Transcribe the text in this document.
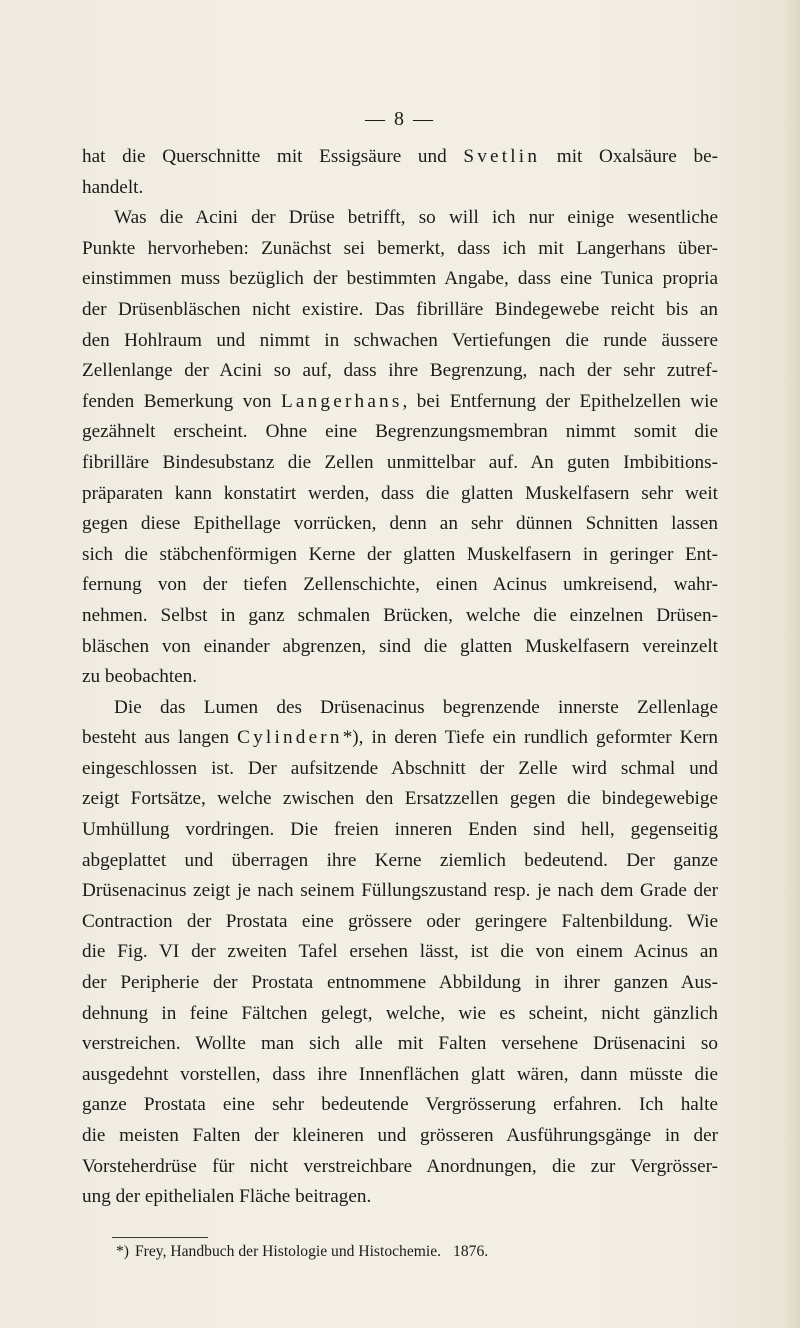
— 8 —
hat die Querschnitte mit Essigsäure und Svetlin mit Oxalsäure be-
handelt.
Was die Acini der Drüse betrifft, so will ich nur einige wesentliche
Punkte hervorheben: Zunächst sei bemerkt, dass ich mit Langerhans über-
einstimmen muss bezüglich der bestimmten Angabe, dass eine Tunica propria
der Drüsenbläschen nicht existire. Das fibrilläre Bindegewebe reicht bis an
den Hohlraum und nimmt in schwachen Vertiefungen die runde äussere
Zellenlange der Acini so auf, dass ihre Begrenzung, nach der sehr zutref-
fenden Bemerkung von Langerhans, bei Entfernung der Epithelzellen wie
gezähnelt erscheint. Ohne eine Begrenzungsmembran nimmt somit die
fibrilläre Bindesubstanz die Zellen unmittelbar auf. An guten Imbibitions-
präparaten kann konstatirt werden, dass die glatten Muskelfasern sehr weit
gegen diese Epithellage vorrücken, denn an sehr dünnen Schnitten lassen
sich die stäbchenförmigen Kerne der glatten Muskelfasern in geringer Ent-
fernung von der tiefen Zellenschichte, einen Acinus umkreisend, wahr-
nehmen. Selbst in ganz schmalen Brücken, welche die einzelnen Drüsen-
bläschen von einander abgrenzen, sind die glatten Muskelfasern vereinzelt
zu beobachten.
Die das Lumen des Drüsenacinus begrenzende innerste Zellenlage
besteht aus langen Cylindern*), in deren Tiefe ein rundlich geformter Kern
eingeschlossen ist. Der aufsitzende Abschnitt der Zelle wird schmal und
zeigt Fortsätze, welche zwischen den Ersatzzellen gegen die bindegewebige
Umhüllung vordringen. Die freien inneren Enden sind hell, gegenseitig
abgeplattet und überragen ihre Kerne ziemlich bedeutend. Der ganze
Drüsenacinus zeigt je nach seinem Füllungszustand resp. je nach dem Grade der
Contraction der Prostata eine grössere oder geringere Faltenbildung. Wie
die Fig. VI der zweiten Tafel ersehen lässt, ist die von einem Acinus an
der Peripherie der Prostata entnommene Abbildung in ihrer ganzen Aus-
dehnung in feine Fältchen gelegt, welche, wie es scheint, nicht gänzlich
verstreichen. Wollte man sich alle mit Falten versehene Drüsenacini so
ausgedehnt vorstellen, dass ihre Innenflächen glatt wären, dann müsste die
ganze Prostata eine sehr bedeutende Vergrösserung erfahren. Ich halte
die meisten Falten der kleineren und grösseren Ausführungsgänge in der
Vorsteherdrüse für nicht verstreichbare Anordnungen, die zur Vergrösser-
ung der epithelialen Fläche beitragen.
*) Frey, Handbuch der Histologie und Histochemie. 1876.
